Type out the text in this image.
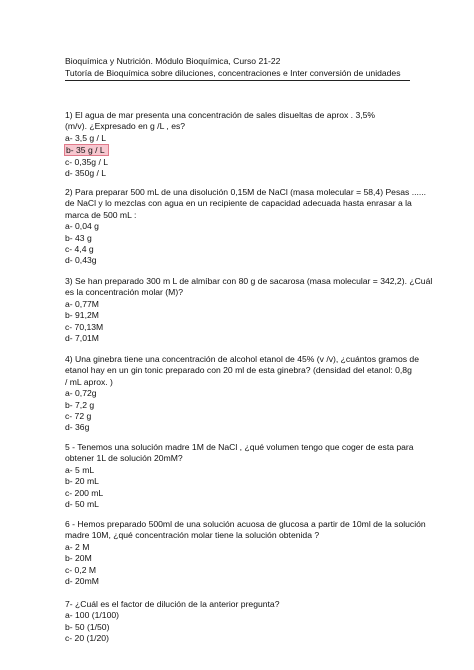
Bioquímica y Nutrición. Módulo Bioquímica, Curso 21-22
Tutoría de Bioquímica sobre diluciones, concentraciones e Inter conversión de unidades
1) El agua de mar presenta una concentración de sales disueltas de aprox . 3,5%
(m/v). ¿Expresado en g /L , es?
a- 3,5 g / L
b- 35 g / L
c- 0,35g / L
d- 350g / L
2) Para preparar 500 mL de una disolución 0,15M de NaCl (masa molecular = 58,4) Pesas ......
de NaCl y lo mezclas con agua en un recipiente de capacidad adecuada hasta enrasar a la
marca de 500 mL :
a- 0,04 g
b- 43 g
c- 4,4 g
d- 0,43g
3) Se han preparado 300 m L de almíbar con 80 g de sacarosa (masa molecular = 342,2). ¿Cuál
es la concentración molar (M)?
a- 0,77M
b- 91,2M
c- 70,13M
d- 7,01M
4) Una ginebra tiene una concentración de alcohol etanol de 45% (v /v), ¿cuántos gramos de
etanol hay en un gin tonic preparado con 20 ml de esta ginebra? (densidad del etanol: 0,8g
/ mL aprox. )
a- 0,72g
b- 7,2 g
c- 72 g
d- 36g
5 - Tenemos una solución madre 1M de NaCl , ¿qué volumen tengo que coger de esta para
obtener 1L de solución 20mM?
a- 5 mL
b- 20 mL
c- 200 mL
d- 50 mL
6 - Hemos preparado 500ml de una solución acuosa de glucosa a partir de 10ml de la solución
madre 10M, ¿qué concentración molar tiene la solución obtenida ?
a- 2 M
b- 20M
c- 0,2 M
d- 20mM
7- ¿Cuál es el factor de dilución de la anterior pregunta?
a- 100 (1/100)
b- 50 (1/50)
c- 20 (1/20)
